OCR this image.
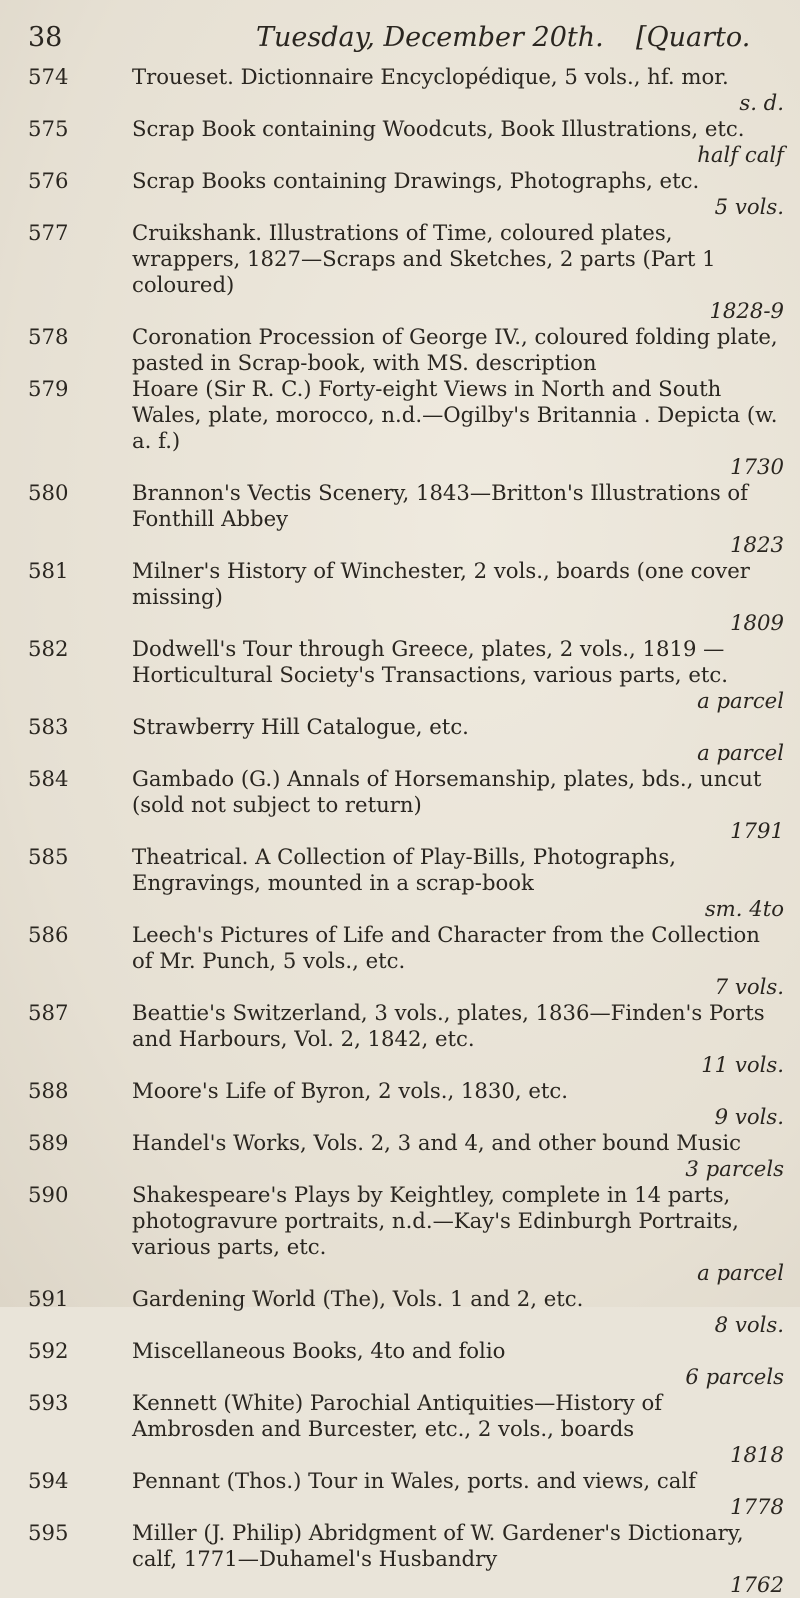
38	Tuesday, December 20th. [Quarto.
574	Troueset. Dictionnaire Encyclopédique, 5 vols., hf. mor.
s. d.
575	Scrap Book containing Woodcuts, Book Illustrations, etc.
half calf
576	Scrap Books containing Drawings, Photographs, etc.
5 vols.
577	Cruikshank. Illustrations of Time, coloured plates, wrappers, 1827—Scraps and Sketches, 2 parts (Part 1 coloured)
1828-9
578	Coronation Procession of George IV., coloured folding plate, pasted in Scrap-book, with MS. description
579	Hoare (Sir R. C.) Forty-eight Views in North and South Wales, plate, morocco, n.d.—Ogilby's Britannia . Depicta (w. a. f.)
1730
580	Brannon's Vectis Scenery, 1843—Britton's Illustrations of Fonthill Abbey
1823
581	Milner's History of Winchester, 2 vols., boards (one cover missing)
1809
582	Dodwell's Tour through Greece, plates, 2 vols., 1819 —Horticultural Society's Transactions, various parts, etc.
a parcel
583	Strawberry Hill Catalogue, etc.
a parcel
584	Gambado (G.) Annals of Horsemanship, plates, bds., uncut (sold not subject to return)
1791
585	Theatrical. A Collection of Play-Bills, Photographs, Engravings, mounted in a scrap-book
sm. 4to
586	Leech's Pictures of Life and Character from the Collection of Mr. Punch, 5 vols., etc.
7 vols.
587	Beattie's Switzerland, 3 vols., plates, 1836—Finden's Ports and Harbours, Vol. 2, 1842, etc.
11 vols.
588	Moore's Life of Byron, 2 vols., 1830, etc.
9 vols.
589	Handel's Works, Vols. 2, 3 and 4, and other bound Music
3 parcels
590	Shakespeare's Plays by Keightley, complete in 14 parts, photogravure portraits, n.d.—Kay's Edinburgh Portraits, various parts, etc.
a parcel
591	Gardening World (The), Vols. 1 and 2, etc.
8 vols.
592	Miscellaneous Books, 4to and folio
6 parcels
593	Kennett (White) Parochial Antiquities—History of Ambrosden and Burcester, etc., 2 vols., boards
1818
594	Pennant (Thos.) Tour in Wales, ports. and views, calf
1778
595	Miller (J. Philip) Abridgment of W. Gardener's Dictionary, calf, 1771—Duhamel's Husbandry
1762
